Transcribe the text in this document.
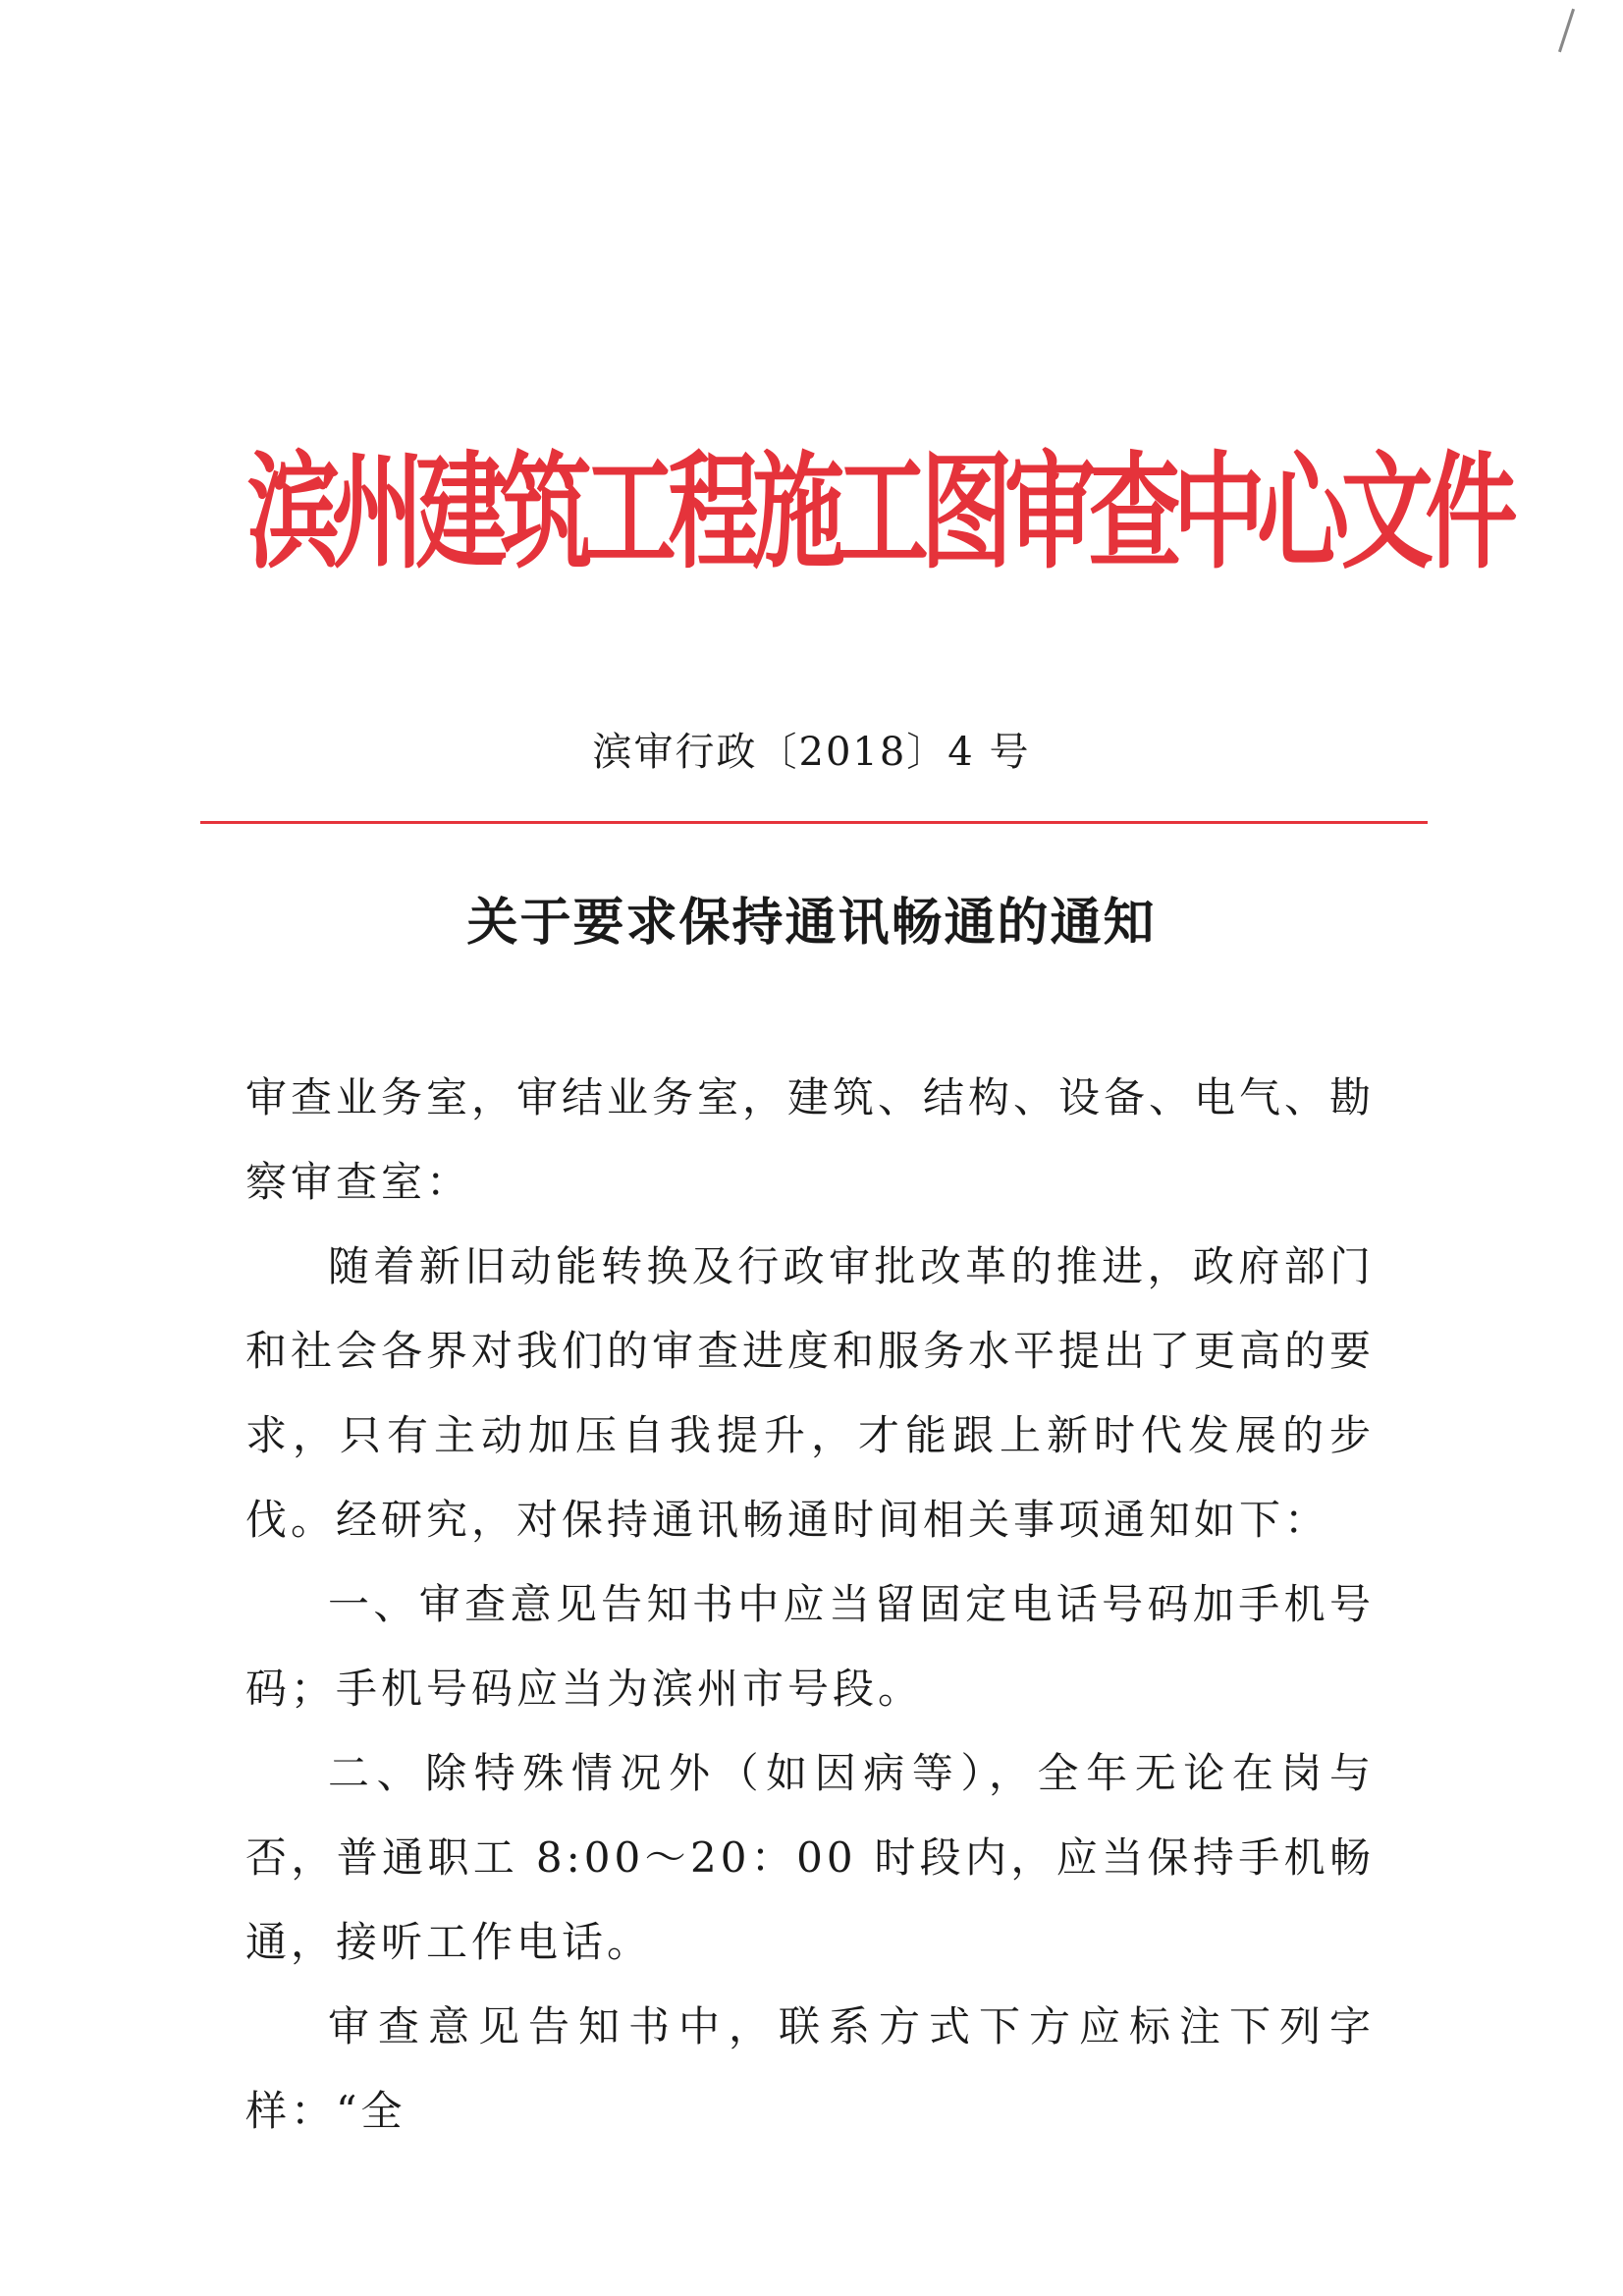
滨州建筑工程施工图审查中心文件
滨审行政〔2018〕4 号
关于要求保持通讯畅通的通知

审查业务室，审结业务室，建筑、结构、设备、电气、勘察审查室：

随着新旧动能转换及行政审批改革的推进，政府部门和社会各界对我们的审查进度和服务水平提出了更高的要求，只有主动加压自我提升，才能跟上新时代发展的步伐。经研究，对保持通讯畅通时间相关事项通知如下：

一、审查意见告知书中应当留固定电话号码加手机号码；手机号码应当为滨州市号段。

二、除特殊情况外（如因病等），全年无论在岗与否，普通职工 8:00～20：00 时段内，应当保持手机畅通，接听工作电话。

审查意见告知书中，联系方式下方应标注下列字样：“全
